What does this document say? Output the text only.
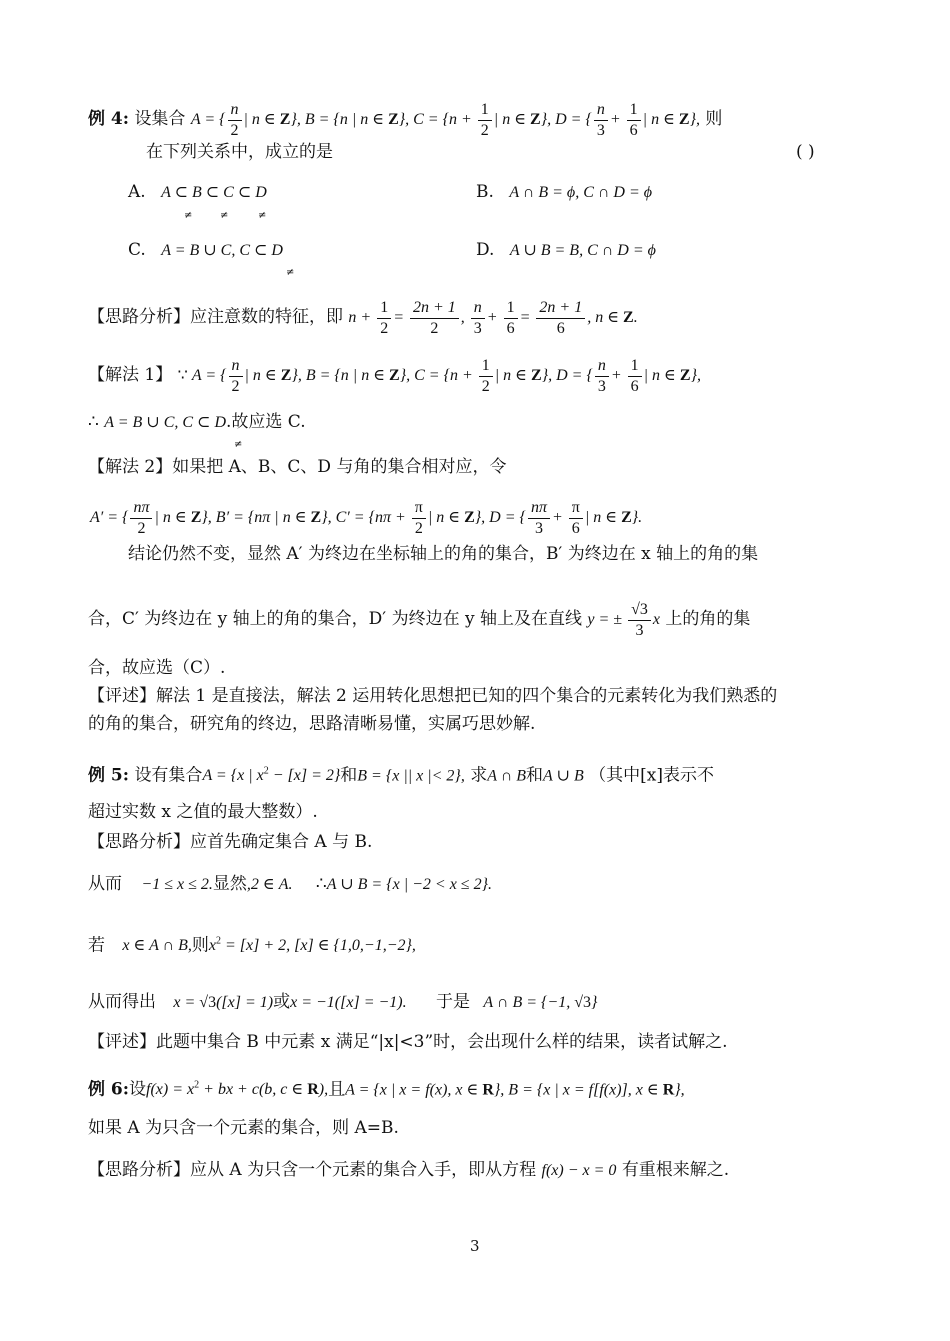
例 4: 设集合 A = { $\frac{n}{2}$ | n ∈ Z}, B = {n | n ∈ Z}, $C = \{n + \frac{1}{2}$ | n ∈ Z}, D = { $\frac{n}{3} + \frac{1}{6}$ | n ∈ Z}, 则
在下列关系中，成立的是	( )
A. A ⊂ B ⊂ C ⊂ D
≠	≠	≠
B. A ∩ B = ϕ, C ∩ D = ϕ
C. A = B ∪ C, C ⊂ D
≠
D. A ∪ B = B, C ∩ D = ϕ
【思路分析】应注意数的特征，即 $n + \frac{1}{2} = \frac{2n + 1}{2}$ , $\frac{n}{3} + \frac{1}{6} = \frac{2n + 1}{6}$ , n ∈ Z.
【解法 1】 ∵ A = { $\frac{n}{2}$ | n ∈ Z}, B = {n | n ∈ Z}, $C = \{n + \frac{1}{2}$ | n ∈ Z}, D = { $\frac{n}{3} + \frac{1}{6}$ | n ∈ Z},
∴ A = B ∪ C, C ⊂ D.故应选 C.
≠
【解法 2】如果把 A、B、C、D 与角的集合相对应，令
A′ = { $\frac{n\pi}{2}$ | n ∈ Z}, B′ = {nπ | n ∈ Z}, $C' = \{n\pi + \frac{\pi}{2}$ | n ∈ Z}, D = { $\frac{n\pi}{3} + \frac{\pi}{6}$ | n ∈ Z}.
结论仍然不变，显然 A′ 为终边在坐标轴上的角的集合，B′ 为终边在 x 轴上的角的集
合，C′ 为终边在 y 轴上的角的集合，D′ 为终边在 y 轴上及在直线 y = ± $\frac{√3}{3}$ x 上的角的集
合，故应选（C）.
【评述】解法 1 是直接法，解法 2 运用转化思想把已知的四个集合的元素转化为我们熟悉的
的角的集合，研究角的终边，思路清晰易懂，实属巧思妙解.
例 5: 设有集合A = {x | $x^2 - [x] = 2$}和B = {x || x |< 2}, 求A ∩ B和A ∪ B （其中[x]表示不
超过实数 x 之值的最大整数）.
【思路分析】应首先确定集合 A 与 B.
从而 −1 ≤ x ≤ 2.显然,2 ∈ A. ∴A ∪ B = {x | −2 < x ≤ 2}.
若 x ∈ A ∩ B,则$x^2 = [x] + 2$, [x] ∈ {1,0,−1,−2},
从而得出 x = √3([x] = 1)或x = −1([x] = −1). 于是 A ∩ B = {−1, √3}
【评述】此题中集合 B 中元素 x 满足“|x|<3”时，会出现什么样的结果，读者试解之.
例 6:设$f(x) = x^2$ + bx + c(b, c ∈ R),且A = {x | x = f(x), x ∈ R}, B = {x | x = f[f(x)], x ∈ R},
如果 A 为只含一个元素的集合，则 A=B.
【思路分析】应从 A 为只含一个元素的集合入手，即从方程 f(x) − x = 0 有重根来解之.
3
